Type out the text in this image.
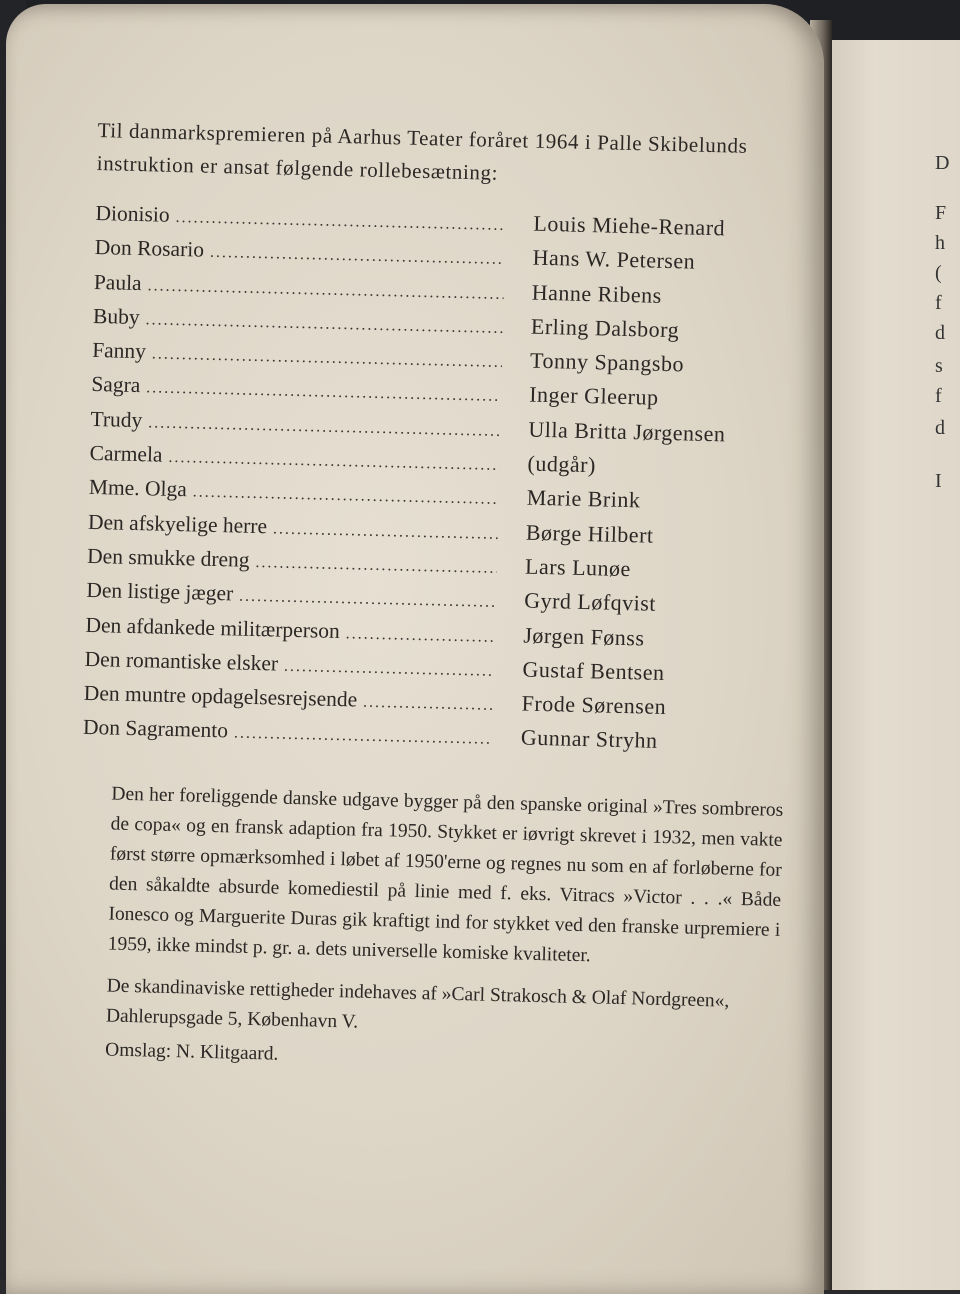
D
F
h
(
f
d
s
f
d
I

Til danmarkspremieren på Aarhus Teater foråret 1964 i Palle Skibelunds instruktion er ansat følgende rollebesætning:

Dionisio .....	Louis Miehe-Renard
Don Rosario .....	Hans W. Petersen
Paula .....	Hanne Ribens
Buby .....	Erling Dalsborg
Fanny .....	Tonny Spangsbo
Sagra .....	Inger Gleerup
Trudy .....	Ulla Britta Jørgensen
Carmela .....	(udgår)
Mme. Olga .....	Marie Brink
Den afskyelige herre .....	Børge Hilbert
Den smukke dreng .....	Lars Lunøe
Den listige jæger .....	Gyrd Løfqvist
Den afdankede militærperson .....	Jørgen Fønss
Den romantiske elsker .....	Gustaf Bentsen
Den muntre opdagelsesrejsende .....	Frode Sørensen
Don Sagramento .....	Gunnar Stryhn

Den her foreliggende danske udgave bygger på den spanske original »Tres sombreros de copa« og en fransk adaption fra 1950. Stykket er iøvrigt skrevet i 1932, men vakte først større opmærksomhed i løbet af 1950'erne og regnes nu som en af forløberne for den såkaldte absurde komediestil på linie med f. eks. Vitracs »Victor . . .« Både Ionesco og Marguerite Duras gik kraftigt ind for stykket ved den franske urpremiere i 1959, ikke mindst p. gr. a. dets universelle komiske kvaliteter.

De skandinaviske rettigheder indehaves af »Carl Strakosch & Olaf Nordgreen«, Dahlerupsgade 5, København V.

Omslag: N. Klitgaard.
